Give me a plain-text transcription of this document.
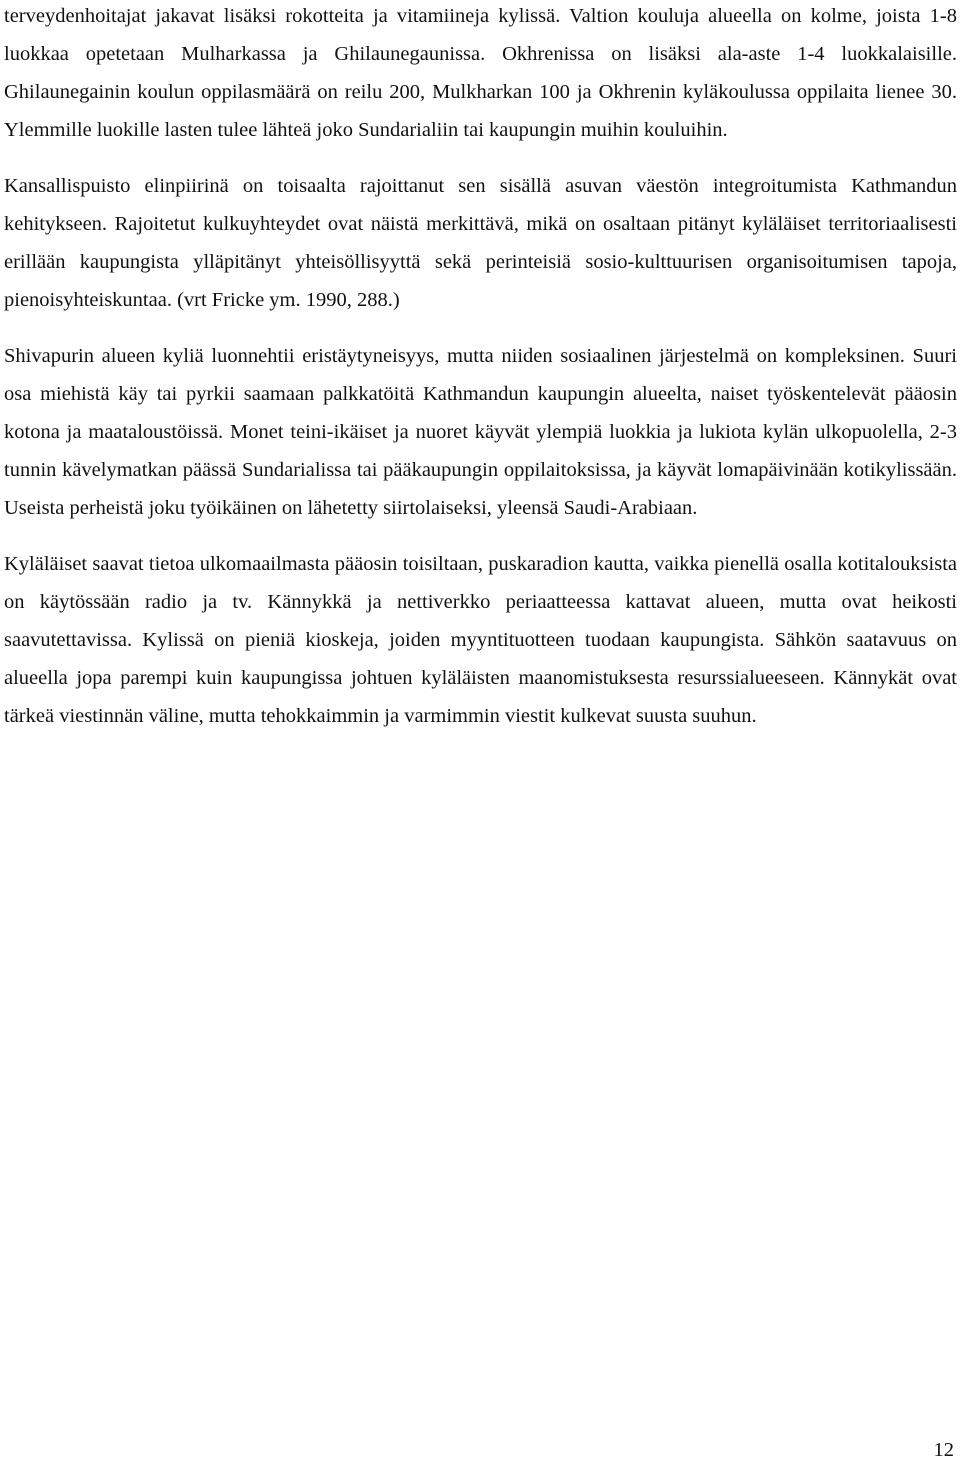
terveydenhoitajat jakavat lisäksi rokotteita ja vitamiineja kylissä. Valtion kouluja alueella on kolme, joista 1-8 luokkaa opetetaan Mulharkassa ja Ghilaunegaunissa. Okhrenissa on lisäksi ala-aste 1-4 luokkalaisille. Ghilaunegainin koulun oppilasmäärä on reilu 200, Mulkharkan 100 ja Okhrenin kyläkoulussa oppilaita lienee 30. Ylemmille luokille lasten tulee lähteä joko Sundarialiin tai kaupungin muihin kouluihin.

Kansallispuisto elinpiirinä on toisaalta rajoittanut sen sisällä asuvan väestön integroitumista Kathmandun kehitykseen. Rajoitetut kulkuyhteydet ovat näistä merkittävä, mikä on osaltaan pitänyt kyläläiset territoriaalisesti erillään kaupungista ylläpitänyt yhteisöllisyyttä sekä perinteisiä sosio-kulttuurisen organisoitumisen tapoja, pienoisyhteiskuntaa. (vrt Fricke ym. 1990, 288.)

Shivapurin alueen kyliä luonnehtii eristäytyneisyys, mutta niiden sosiaalinen järjestelmä on kompleksinen. Suuri osa miehistä käy tai pyrkii saamaan palkkatöitä Kathmandun kaupungin alueelta, naiset työskentelevät pääosin kotona ja maataloustöissä. Monet teini-ikäiset ja nuoret käyvät ylempiä luokkia ja lukiota kylän ulkopuolella, 2-3 tunnin kävelymatkan päässä Sundarialissa tai pääkaupungin oppilaitoksissa, ja käyvät lomapäivinään kotikylissään. Useista perheistä joku työikäinen on lähetetty siirtolaiseksi, yleensä Saudi-Arabiaan.

Kyläläiset saavat tietoa ulkomaailmasta pääosin toisiltaan, puskaradion kautta, vaikka pienellä osalla kotitalouksista on käytössään radio ja tv. Kännykkä ja nettiverkko periaatteessa kattavat alueen, mutta ovat heikosti saavutettavissa. Kylissä on pieniä kioskeja, joiden myyntituotteen tuodaan kaupungista. Sähkön saatavuus on alueella jopa parempi kuin kaupungissa johtuen kyläläisten maanomistuksesta resurssialueeseen. Kännykät ovat tärkeä viestinnän väline, mutta tehokkaimmin ja varmimmin viestit kulkevat suusta suuhun.

12
